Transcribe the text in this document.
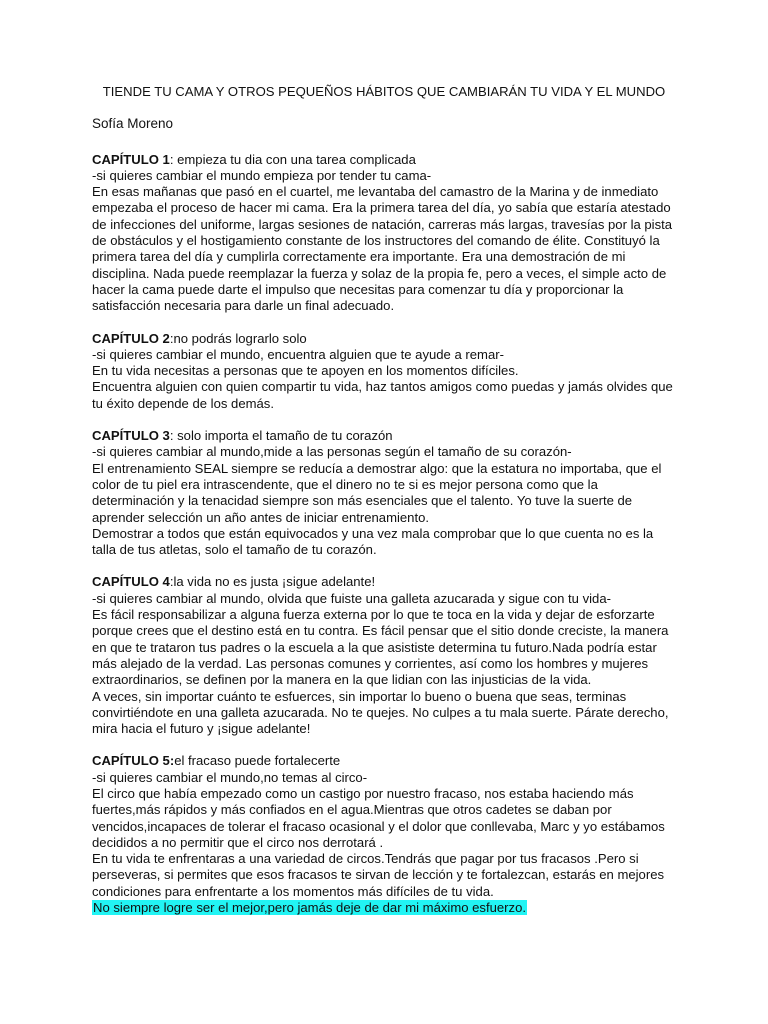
TIENDE TU CAMA Y OTROS PEQUEÑOS HÁBITOS QUE CAMBIARÁN TU VIDA Y EL MUNDO
Sofía Moreno
CAPÍTULO 1: empieza tu dia con una tarea complicada

-si quieres cambiar el mundo empieza por tender tu cama-

En esas mañanas que pasó en el cuartel, me levantaba del camastro de la Marina y de inmediato empezaba el proceso de hacer mi cama. Era la primera tarea del día, yo sabía que estaría atestado de infecciones del uniforme, largas sesiones de natación, carreras más largas, travesías por la pista de obstáculos y el hostigamiento constante de los instructores del comando de élite. Constituyó la primera tarea del día y cumplirla correctamente era importante. Era una demostración de mi disciplina. Nada puede reemplazar la fuerza y solaz de la propia fe, pero a veces, el simple acto de hacer la cama puede darte el impulso que necesitas para comenzar tu día y proporcionar la satisfacción necesaria para darle un final adecuado.

CAPÍTULO 2:no podrás lograrlo solo

-si quieres cambiar el mundo, encuentra alguien que te ayude a remar-

En tu vida necesitas a personas que te apoyen en los momentos difíciles.

Encuentra alguien con quien compartir tu vida, haz tantos amigos como puedas y jamás olvides que tu éxito depende de los demás.

CAPÍTULO 3: solo importa el tamaño de tu corazón

-si quieres cambiar al mundo,mide a las personas según el tamaño de su corazón-

El entrenamiento SEAL siempre se reducía a demostrar algo: que la estatura no importaba, que el color de tu piel era intrascendente, que el dinero no te si es mejor persona como que la determinación y la tenacidad siempre son más esenciales que el talento. Yo tuve la suerte de aprender selección un año antes de iniciar entrenamiento.

Demostrar a todos que están equivocados y una vez mala comprobar que lo que cuenta no es la talla de tus atletas, solo el tamaño de tu corazón.

CAPÍTULO 4:la vida no es justa ¡sigue adelante!

-si quieres cambiar al mundo, olvida que fuiste una galleta azucarada y sigue con tu vida-

Es fácil responsabilizar a alguna fuerza externa por lo que te toca en la vida y dejar de esforzarte porque crees que el destino está en tu contra. Es fácil pensar que el sitio donde creciste, la manera en que te trataron tus padres o la escuela a la que asististe determina tu futuro.Nada podría estar más alejado de la verdad. Las personas comunes y corrientes, así como los hombres y mujeres extraordinarios, se definen por la manera en la que lidian con las injusticias de la vida.

A veces, sin importar cuánto te esfuerces, sin importar lo bueno o buena que seas, terminas convirtiéndote en una galleta azucarada. No te quejes. No culpes a tu mala suerte. Párate derecho, mira hacia el futuro y ¡sigue adelante!

CAPÍTULO 5:el fracaso puede fortalecerte

-si quieres cambiar el mundo,no temas al circo-

El circo que había empezado como un castigo por nuestro fracaso, nos estaba haciendo más fuertes,más rápidos y más confiados en el agua.Mientras que otros cadetes se daban por vencidos,incapaces de tolerar el fracaso ocasional y el dolor que conllevaba, Marc y yo estábamos decididos a no permitir que el circo nos derrotará .

En tu vida te enfrentaras a una variedad de circos.Tendrás que pagar por tus fracasos .Pero si perseveras, si permites que esos fracasos te sirvan de lección y te fortalezcan, estarás en mejores condiciones para enfrentarte a los momentos más difíciles de tu vida.

No siempre logre ser el mejor,pero jamás deje de dar mi máximo esfuerzo.
